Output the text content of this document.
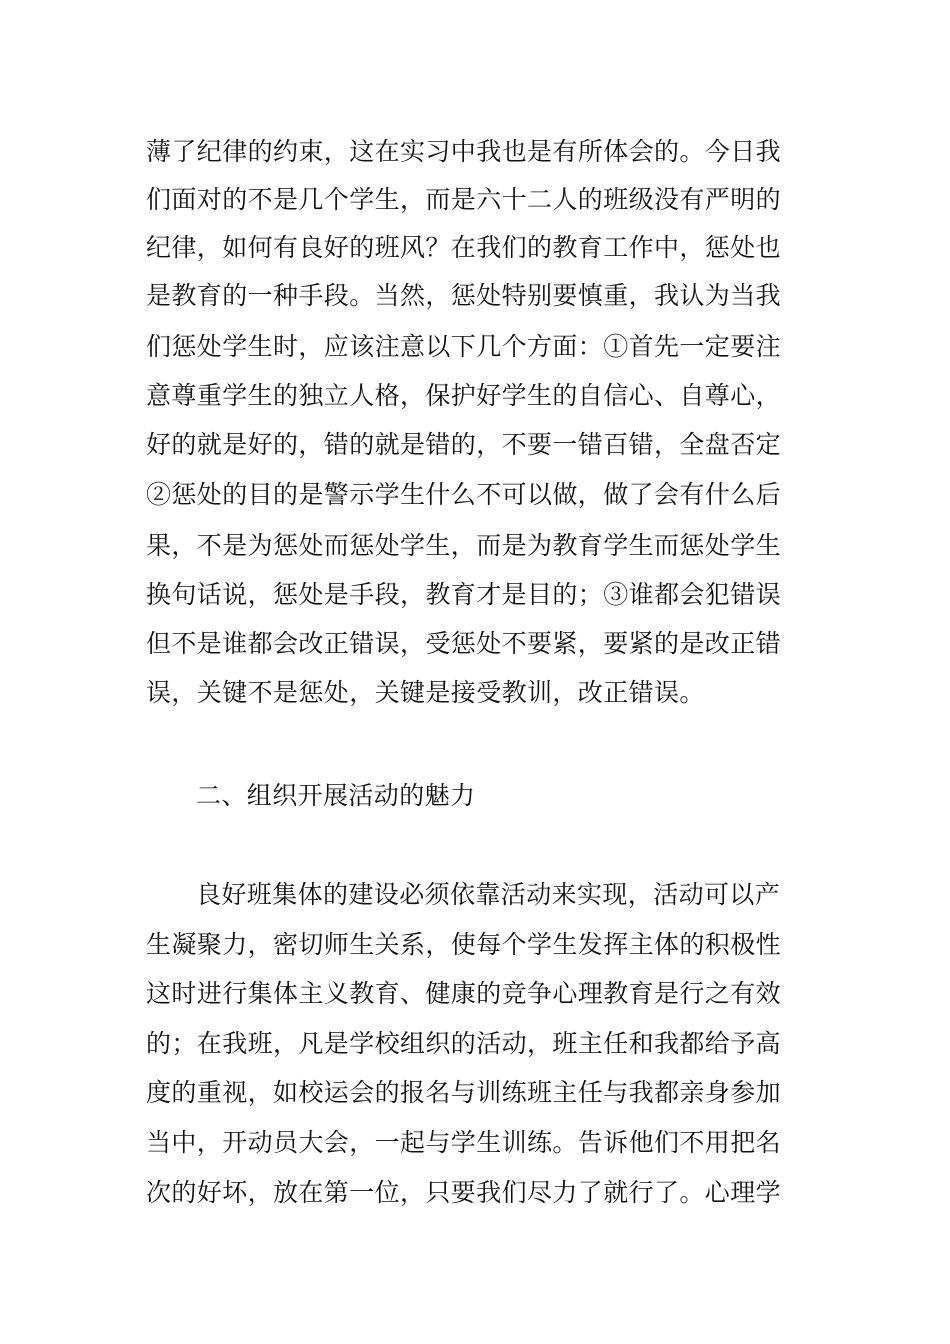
薄了纪律的约束，这在实习中我也是有所体会的。今日我
们面对的不是几个学生，而是六十二人的班级没有严明的
纪律，如何有良好的班风？在我们的教育工作中，惩处也
是教育的一种手段。当然，惩处特别要慎重，我认为当我
们惩处学生时，应该注意以下几个方面：①首先一定要注
意尊重学生的独立人格，保护好学生的自信心、自尊心，
好的就是好的，错的就是错的，不要一错百错，全盘否定
②惩处的目的是警示学生什么不可以做，做了会有什么后
果，不是为惩处而惩处学生，而是为教育学生而惩处学生
换句话说，惩处是手段，教育才是目的；③谁都会犯错误
但不是谁都会改正错误，受惩处不要紧，要紧的是改正错
误，关键不是惩处，关键是接受教训，改正错误。
二、组织开展活动的魅力
良好班集体的建设必须依靠活动来实现，活动可以产
生凝聚力，密切师生关系，使每个学生发挥主体的积极性
这时进行集体主义教育、健康的竞争心理教育是行之有效
的；在我班，凡是学校组织的活动，班主任和我都给予高
度的重视，如校运会的报名与训练班主任与我都亲身参加
当中，开动员大会，一起与学生训练。告诉他们不用把名
次的好坏，放在第一位，只要我们尽力了就行了。心理学
